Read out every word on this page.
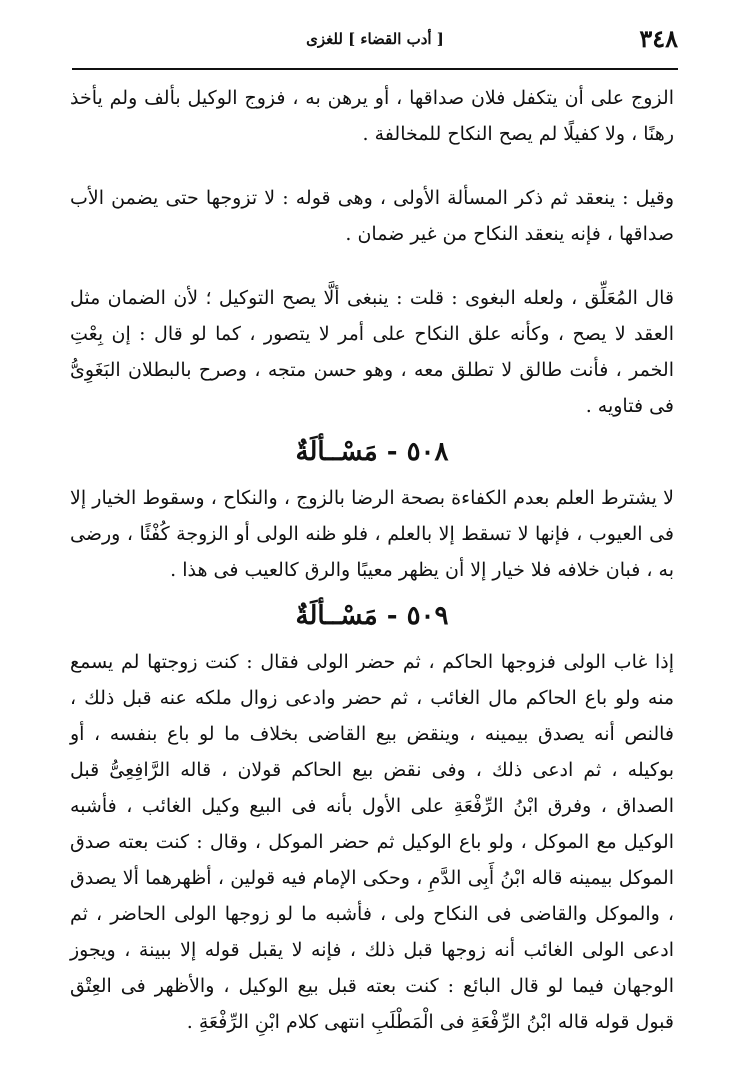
٣٤٨
[ أدب القضاء ] للغزى

الزوج على أن يتكفل فلان صداقها ، أو يرهن به ، فزوج الوكيل بألف ولم يأخذ رهنًا ، ولا كفيلًا لم يصح النكاح للمخالفة .

وقيل : ينعقد ثم ذكر المسألة الأولى ، وهى قوله : لا تزوجها حتى يضمن الأب صداقها ، فإنه ينعقد النكاح من غير ضمان .

قال المُعَلِّق ، ولعله البغوى : قلت : ينبغى ألَّا يصح التوكيل ؛ لأن الضمان مثل العقد لا يصح ، وكأنه علق النكاح على أمر لا يتصور ، كما لو قال : إن بِعْتِ الخمر ، فأنت طالق لا تطلق معه ، وهو حسن متجه ، وصرح بالبطلان البَغَوِىُّ فى فتاويه .

٥٠٨ - مَسْــألَةٌ

لا يشترط العلم بعدم الكفاءة بصحة الرضا بالزوج ، والنكاح ، وسقوط الخيار إلا فى العيوب ، فإنها لا تسقط إلا بالعلم ، فلو ظنه الولى أو الزوجة كُفْئًا ، ورضى به ، فبان خلافه فلا خيار إلا أن يظهر معيبًا والرق كالعيب فى هذا .

٥٠٩ - مَسْــألَةٌ

إذا غاب الولى فزوجها الحاكم ، ثم حضر الولى فقال : كنت زوجتها لم يسمع منه ولو باع الحاكم مال الغائب ، ثم حضر وادعى زوال ملكه عنه قبل ذلك ، فالنص أنه يصدق بيمينه ، وينقض بيع القاضى بخلاف ما لو باع بنفسه ، أو بوكيله ، ثم ادعى ذلك ، وفى نقض بيع الحاكم قولان ، قاله الرَّافِعِىُّ قبل الصداق ، وفرق ابْنُ الرِّفْعَةِ على الأول بأنه فى البيع وكيل الغائب ، فأشبه الوكيل مع الموكل ، ولو باع الوكيل ثم حضر الموكل ، وقال : كنت بعته صدق الموكل بيمينه قاله ابْنُ أَبِى الدَّمِ ، وحكى الإمام فيه قولين ، أظهرهما ألا يصدق ، والموكل والقاضى فى النكاح ولى ، فأشبه ما لو زوجها الولى الحاضر ، ثم ادعى الولى الغائب أنه زوجها قبل ذلك ، فإنه لا يقبل قوله إلا ببينة ، ويجوز الوجهان فيما لو قال البائع : كنت بعته قبل بيع الوكيل ، والأظهر فى العِتْق قبول قوله قاله ابْنُ الرِّفْعَةِ فى الْمَطْلَبِ انتهى كلام ابْنِ الرِّفْعَةِ .
